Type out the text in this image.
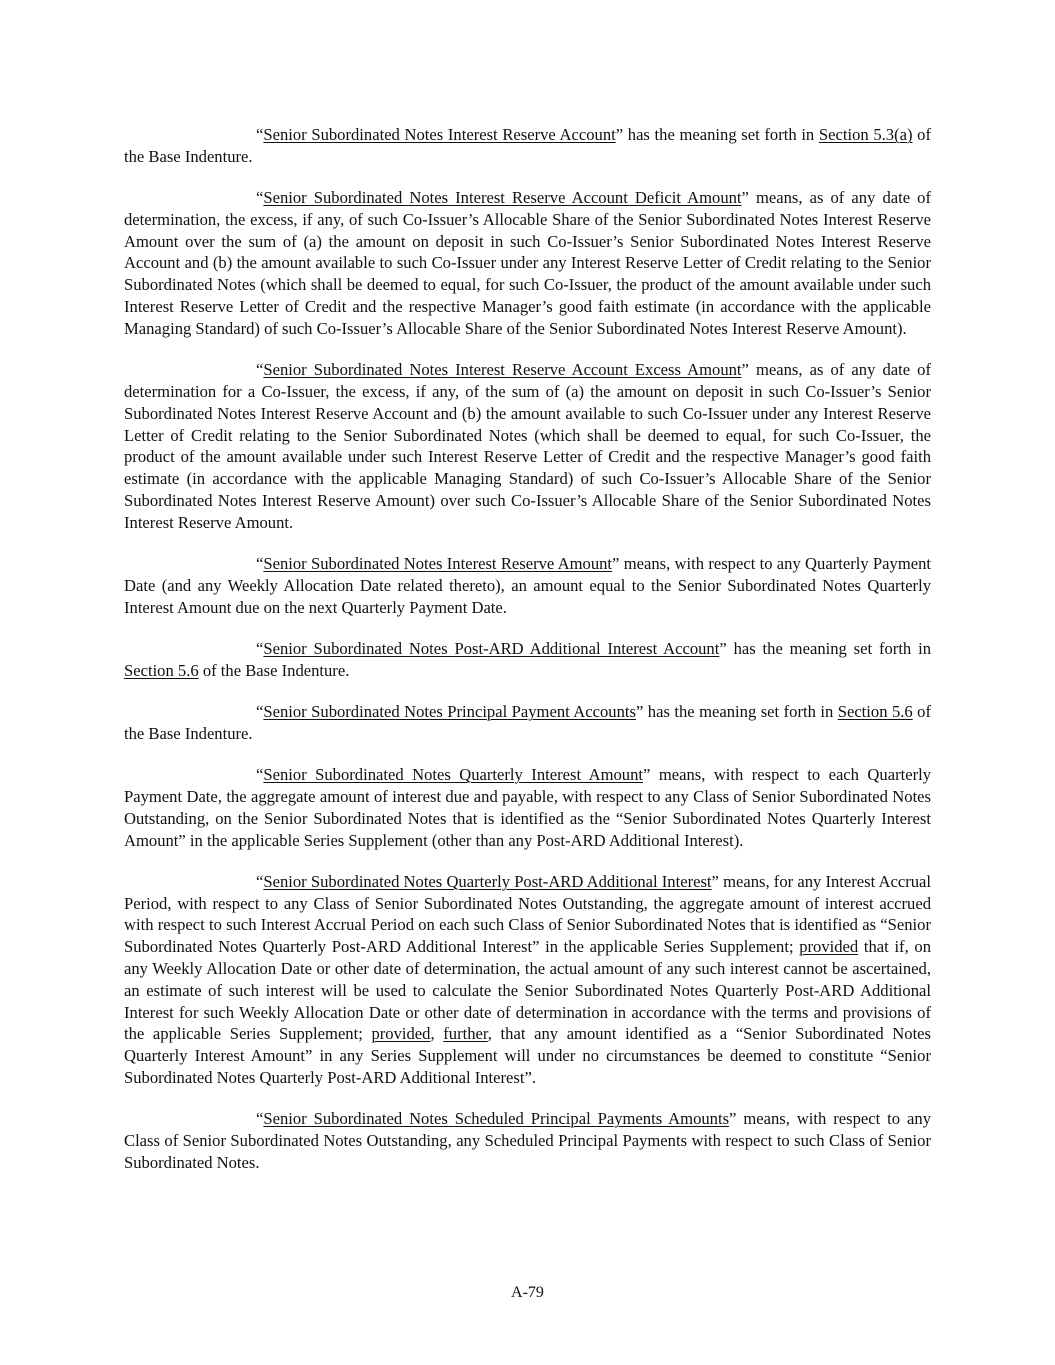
“Senior Subordinated Notes Interest Reserve Account” has the meaning set forth in Section 5.3(a) of the Base Indenture.

“Senior Subordinated Notes Interest Reserve Account Deficit Amount” means, as of any date of determination, the excess, if any, of such Co-Issuer’s Allocable Share of the Senior Subordinated Notes Interest Reserve Amount over the sum of (a) the amount on deposit in such Co-Issuer’s Senior Subordinated Notes Interest Reserve Account and (b) the amount available to such Co-Issuer under any Interest Reserve Letter of Credit relating to the Senior Subordinated Notes (which shall be deemed to equal, for such Co-Issuer, the product of the amount available under such Interest Reserve Letter of Credit and the respective Manager’s good faith estimate (in accordance with the applicable Managing Standard) of such Co-Issuer’s Allocable Share of the Senior Subordinated Notes Interest Reserve Amount).

“Senior Subordinated Notes Interest Reserve Account Excess Amount” means, as of any date of determination for a Co-Issuer, the excess, if any, of the sum of (a) the amount on deposit in such Co-Issuer’s Senior Subordinated Notes Interest Reserve Account and (b) the amount available to such Co-Issuer under any Interest Reserve Letter of Credit relating to the Senior Subordinated Notes (which shall be deemed to equal, for such Co-Issuer, the product of the amount available under such Interest Reserve Letter of Credit and the respective Manager’s good faith estimate (in accordance with the applicable Managing Standard) of such Co-Issuer’s Allocable Share of the Senior Subordinated Notes Interest Reserve Amount) over such Co-Issuer’s Allocable Share of the Senior Subordinated Notes Interest Reserve Amount.

“Senior Subordinated Notes Interest Reserve Amount” means, with respect to any Quarterly Payment Date (and any Weekly Allocation Date related thereto), an amount equal to the Senior Subordinated Notes Quarterly Interest Amount due on the next Quarterly Payment Date.

“Senior Subordinated Notes Post-ARD Additional Interest Account” has the meaning set forth in Section 5.6 of the Base Indenture.

“Senior Subordinated Notes Principal Payment Accounts” has the meaning set forth in Section 5.6 of the Base Indenture.

“Senior Subordinated Notes Quarterly Interest Amount” means, with respect to each Quarterly Payment Date, the aggregate amount of interest due and payable, with respect to any Class of Senior Subordinated Notes Outstanding, on the Senior Subordinated Notes that is identified as the “Senior Subordinated Notes Quarterly Interest Amount” in the applicable Series Supplement (other than any Post-ARD Additional Interest).

“Senior Subordinated Notes Quarterly Post-ARD Additional Interest” means, for any Interest Accrual Period, with respect to any Class of Senior Subordinated Notes Outstanding, the aggregate amount of interest accrued with respect to such Interest Accrual Period on each such Class of Senior Subordinated Notes that is identified as “Senior Subordinated Notes Quarterly Post-ARD Additional Interest” in the applicable Series Supplement; provided that if, on any Weekly Allocation Date or other date of determination, the actual amount of any such interest cannot be ascertained, an estimate of such interest will be used to calculate the Senior Subordinated Notes Quarterly Post-ARD Additional Interest for such Weekly Allocation Date or other date of determination in accordance with the terms and provisions of the applicable Series Supplement; provided, further, that any amount identified as a “Senior Subordinated Notes Quarterly Interest Amount” in any Series Supplement will under no circumstances be deemed to constitute “Senior Subordinated Notes Quarterly Post-ARD Additional Interest”.

“Senior Subordinated Notes Scheduled Principal Payments Amounts” means, with respect to any Class of Senior Subordinated Notes Outstanding, any Scheduled Principal Payments with respect to such Class of Senior Subordinated Notes.

A-79
